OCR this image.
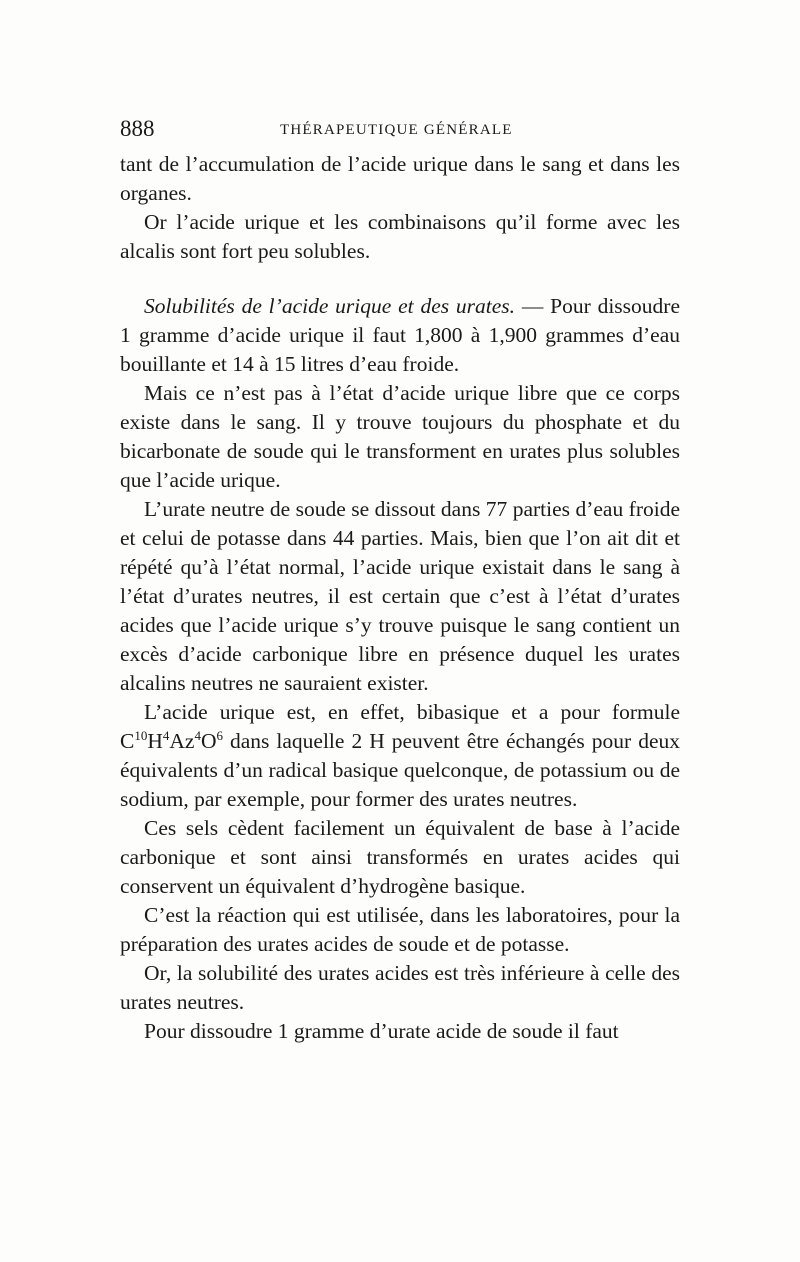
888	THÉRAPEUTIQUE GÉNÉRALE

tant de l’accumulation de l’acide urique dans le sang et dans les organes.

Or l’acide urique et les combinaisons qu’il forme avec les alcalis sont fort peu solubles.

Solubilités de l’acide urique et des urates. — Pour dissoudre 1 gramme d’acide urique il faut 1,800 à 1,900 grammes d’eau bouillante et 14 à 15 litres d’eau froide.

Mais ce n’est pas à l’état d’acide urique libre que ce corps existe dans le sang. Il y trouve toujours du phosphate et du bicarbonate de soude qui le transforment en urates plus solubles que l’acide urique.

L’urate neutre de soude se dissout dans 77 parties d’eau froide et celui de potasse dans 44 parties. Mais, bien que l’on ait dit et répété qu’à l’état normal, l’acide urique existait dans le sang à l’état d’urates neutres, il est certain que c’est à l’état d’urates acides que l’acide urique s’y trouve puisque le sang contient un excès d’acide carbonique libre en présence duquel les urates alcalins neutres ne sauraient exister.

L’acide urique est, en effet, bibasique et a pour formule $C^{10}H^4Az^4O^6$ dans laquelle 2 H peuvent être échangés pour deux équivalents d’un radical basique quelconque, de potassium ou de sodium, par exemple, pour former des urates neutres.

Ces sels cèdent facilement un équivalent de base à l’acide carbonique et sont ainsi transformés en urates acides qui conservent un équivalent d’hydrogène basique.

C’est la réaction qui est utilisée, dans les laboratoires, pour la préparation des urates acides de soude et de potasse.

Or, la solubilité des urates acides est très inférieure à celle des urates neutres.

Pour dissoudre 1 gramme d’urate acide de soude il faut
